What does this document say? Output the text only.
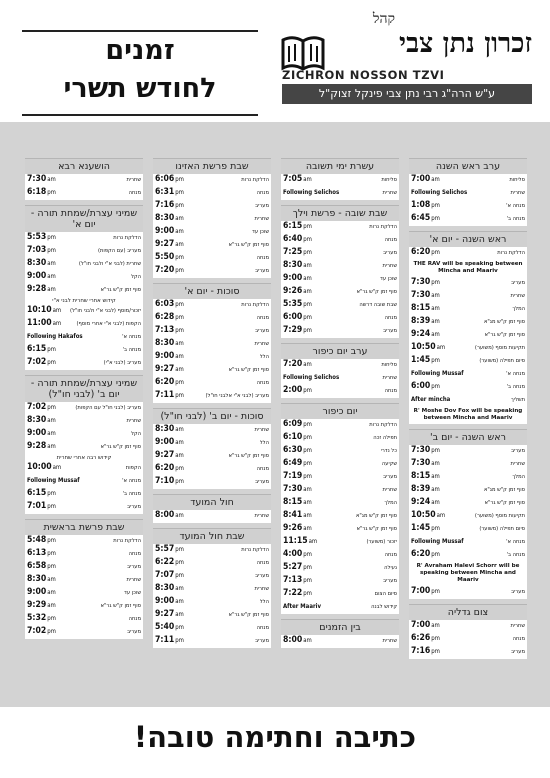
קהל
זכרון נתן צבי
ZICHRON NOSSON TZVI
ע"ש הרה"ג רבי נתן צבי פינקל זצוק"ל
זמנים
לחודש תשרי
ערב ראש השנה
7:00am	סליחות
Following Selichos	שחרית
1:08pm	מנחה א'
6:45pm	מנחה ב'
ראש השנה - יום א'
6:20pm	הדלקת נרות
THE RAV will be speaking between Mincha and Maariv
7:30pm	מעריב
7:30am	שחרית
8:15am	המלך
8:39am	סוף זמן ק"ש מג"א
9:24am	סוף זמן ק"ש גר"א
10:50am	תקיעות מוסף (משוער)
1:45pm	סיום תפילה (משוער)
Following Mussaf	מנחה א'
6:00pm	מנחה ב'
After mincha	תשליך
R' Moshe Dov Fox will be speaking between Mincha and Maariv
ראש השנה - יום ב'
7:30pm	מעריב
7:30am	שחרית
8:15am	המלך
8:39am	סוף זמן ק"ש מג"א
9:24am	סוף זמן ק"ש גר"א
10:50am	תקיעות מוסף (משוער)
1:45pm	סיום תפילה (משוער)
Following Mussaf	מנחה א'
6:20pm	מנחה ב'
R' Avraham Halevi Schorr will be speaking between Mincha and Maariv
7:00pm	מעריב
צום גדליה
7:00am	שחרית
6:26pm	מנחה
7:16pm	מעריב
עשרת ימי תשובה
7:05am	סליחות
Following Selichos	שחרית
שבת שובה - פרשת וילך
6:15pm	הדלקת נרות
6:40pm	מנחה
7:25pm	מעריב
8:30am	שחרית
9:00am	שוכן עד
9:26am	סוף זמן ק"ש גר"א
5:35pm	שבת שובה דרשה
6:00pm	מנחה
7:29pm	מעריב
ערב יום כיפור
7:20am	סליחות
Following Selichos	שחרית
2:00pm	מנחה
יום כיפור
6:09pm	הדלקת נרות
6:10pm	תפילה זכה
6:30pm	כל נדרי
6:49pm	שקיעה
7:19pm	מעריב
7:30am	שחרית
8:15am	המלך
8:41am	סוף זמן ק"ש מג"א
9:26am	סוף זמן ק"ש גר"א
11:15am	יזכור (משוער)
4:00pm	מנחה
5:27pm	נעילה
7:13pm	מעריב
7:22pm	סיום הצום
After Maariv	קידוש לבנה
בין הזמנים
8:00am	שחרית
שבת פרשת האזינו
6:06pm	הדלקת נרות
6:31pm	מנחה
7:16pm	מעריב
8:30am	שחרית
9:00am	שוכן עד
9:27am	סוף זמן ק"ש גר"א
5:50pm	מנחה
7:20pm	מעריב
סוכות - יום א'
6:03pm	הדלקת נרות
6:28pm	מנחה
7:13pm	מעריב
8:30am	שחרית
9:00am	הלל
9:27am	סוף זמן ק"ש גר"א
6:20pm	מנחה
7:11pm	מעריב (לבני א"י אלבני חו"ל)
סוכות - יום ב' (לבני חו"ל)
8:30am	שחרית
9:00am	הלל
9:27am	סוף זמן ק"ש גר"א
6:20pm	מנחה
7:10pm	מעריב
חול המועד
8:00am	שחרית
שבת חול המועד
5:57pm	הדלקת נרות
6:22pm	מנחה
7:07pm	מעריב
8:30am	שחרית
9:00am	הלל
9:27am	סוף זמן ק"ש גר"א
5:40pm	מנחה
7:11pm	מעריב
הושענא רבא
7:30am	שחרית
6:18pm	מנחה
שמיני עצרת/שמחת תורה - יום א'
5:53pm	הדלקת נרות
7:03pm	מעריב (עם הקפות)
8:30am	שחרית (לבני א"י ולבני חו"ל)
9:00am	הקל
9:28am	סוף זמן ק"ש גר"א
קידוש אחרי שחרית לבני א"י
10:10am יזכור/מוסף (לבני א"י ולבני חו"ל)
11:00am	הקפות (לבני א"י אחרי מוסף)
Following Hakafos	מנחה א'
6:15pm	מנחה ב'
7:02pm	מעריב (לבני א"י)
שמיני עצרת/שמחת תורה - יום ב' (לבני חו"ל)
7:02pm	מעריב (לבני חו"ל עם הקפות)
8:30am	שחרית
9:00am	הקל
9:28am	סוף זמן ק"ש גר"א
קידוש רבה אחרי שחרית
10:00am	הקפות
Following Mussaf	מנחה א'
6:15pm	מנחה ב'
7:01pm	מעריב
שבת פרשת בראשית
5:48pm	הדלקת נרות
6:13pm	מנחה
6:58pm	מעריב
8:30am	שחרית
9:00am	שוכן עד
9:29am	סוף זמן ק"ש גר"א
5:32pm	מנחה
7:02pm	מעריב
כתיבה וחתימה טובה!
